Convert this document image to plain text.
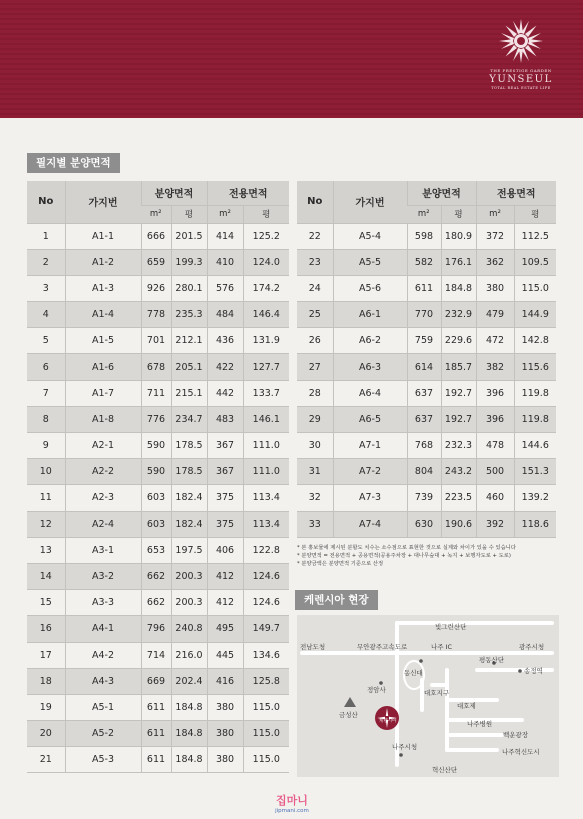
THE PRESTIGE GARDEN
YUNSEUL
TOTAL REAL ESTATE LIFE
필지별 분양면적
No	가지번	분양면적		전용면적	
		m²	평	m²	평
1	A1-1	666	201.5	414	125.2
2	A1-2	659	199.3	410	124.0
3	A1-3	926	280.1	576	174.2
4	A1-4	778	235.3	484	146.4
5	A1-5	701	212.1	436	131.9
6	A1-6	678	205.1	422	127.7
7	A1-7	711	215.1	442	133.7
8	A1-8	776	234.7	483	146.1
9	A2-1	590	178.5	367	111.0
10	A2-2	590	178.5	367	111.0
11	A2-3	603	182.4	375	113.4
12	A2-4	603	182.4	375	113.4
13	A3-1	653	197.5	406	122.8
14	A3-2	662	200.3	412	124.6
15	A3-3	662	200.3	412	124.6
16	A4-1	796	240.8	495	149.7
17	A4-2	714	216.0	445	134.6
18	A4-3	669	202.4	416	125.8
19	A5-1	611	184.8	380	115.0
20	A5-2	611	184.8	380	115.0
21	A5-3	611	184.8	380	115.0
No	가지번	분양면적		전용면적	
		m²	평	m²	평
22	A5-4	598	180.9	372	112.5
23	A5-5	582	176.1	362	109.5
24	A5-6	611	184.8	380	115.0
25	A6-1	770	232.9	479	144.9
26	A6-2	759	229.6	472	142.8
27	A6-3	614	185.7	382	115.6
28	A6-4	637	192.7	396	119.8
29	A6-5	637	192.7	396	119.8
30	A7-1	768	232.3	478	144.6
31	A7-2	804	243.2	500	151.3
32	A7-3	739	223.5	460	139.2
33	A7-4	630	190.6	392	118.6
* 본 홍보물에 제시된 분할도 치수는 소수점으로 표현한 것으로 실제와 차이가 있을 수 있습니다
* 분양면적 = 전용면적 + 공용면적(공용주차장 + 대나무숲대 + 녹지 + 보행자도로 + 도로)
* 분양금액은 분양면적 기준으로 산정
케렌시아 현장
빛그린산단
전남도청	무안광주고속도로	나주 IC	광주시청
평동산단
송정역
동신대
정암사
금성산
케렌시아
대호지구
대호제
나주병원
백운광장
나주시청
나주혁신도시
혁신산단
집마니
jipmani.com
